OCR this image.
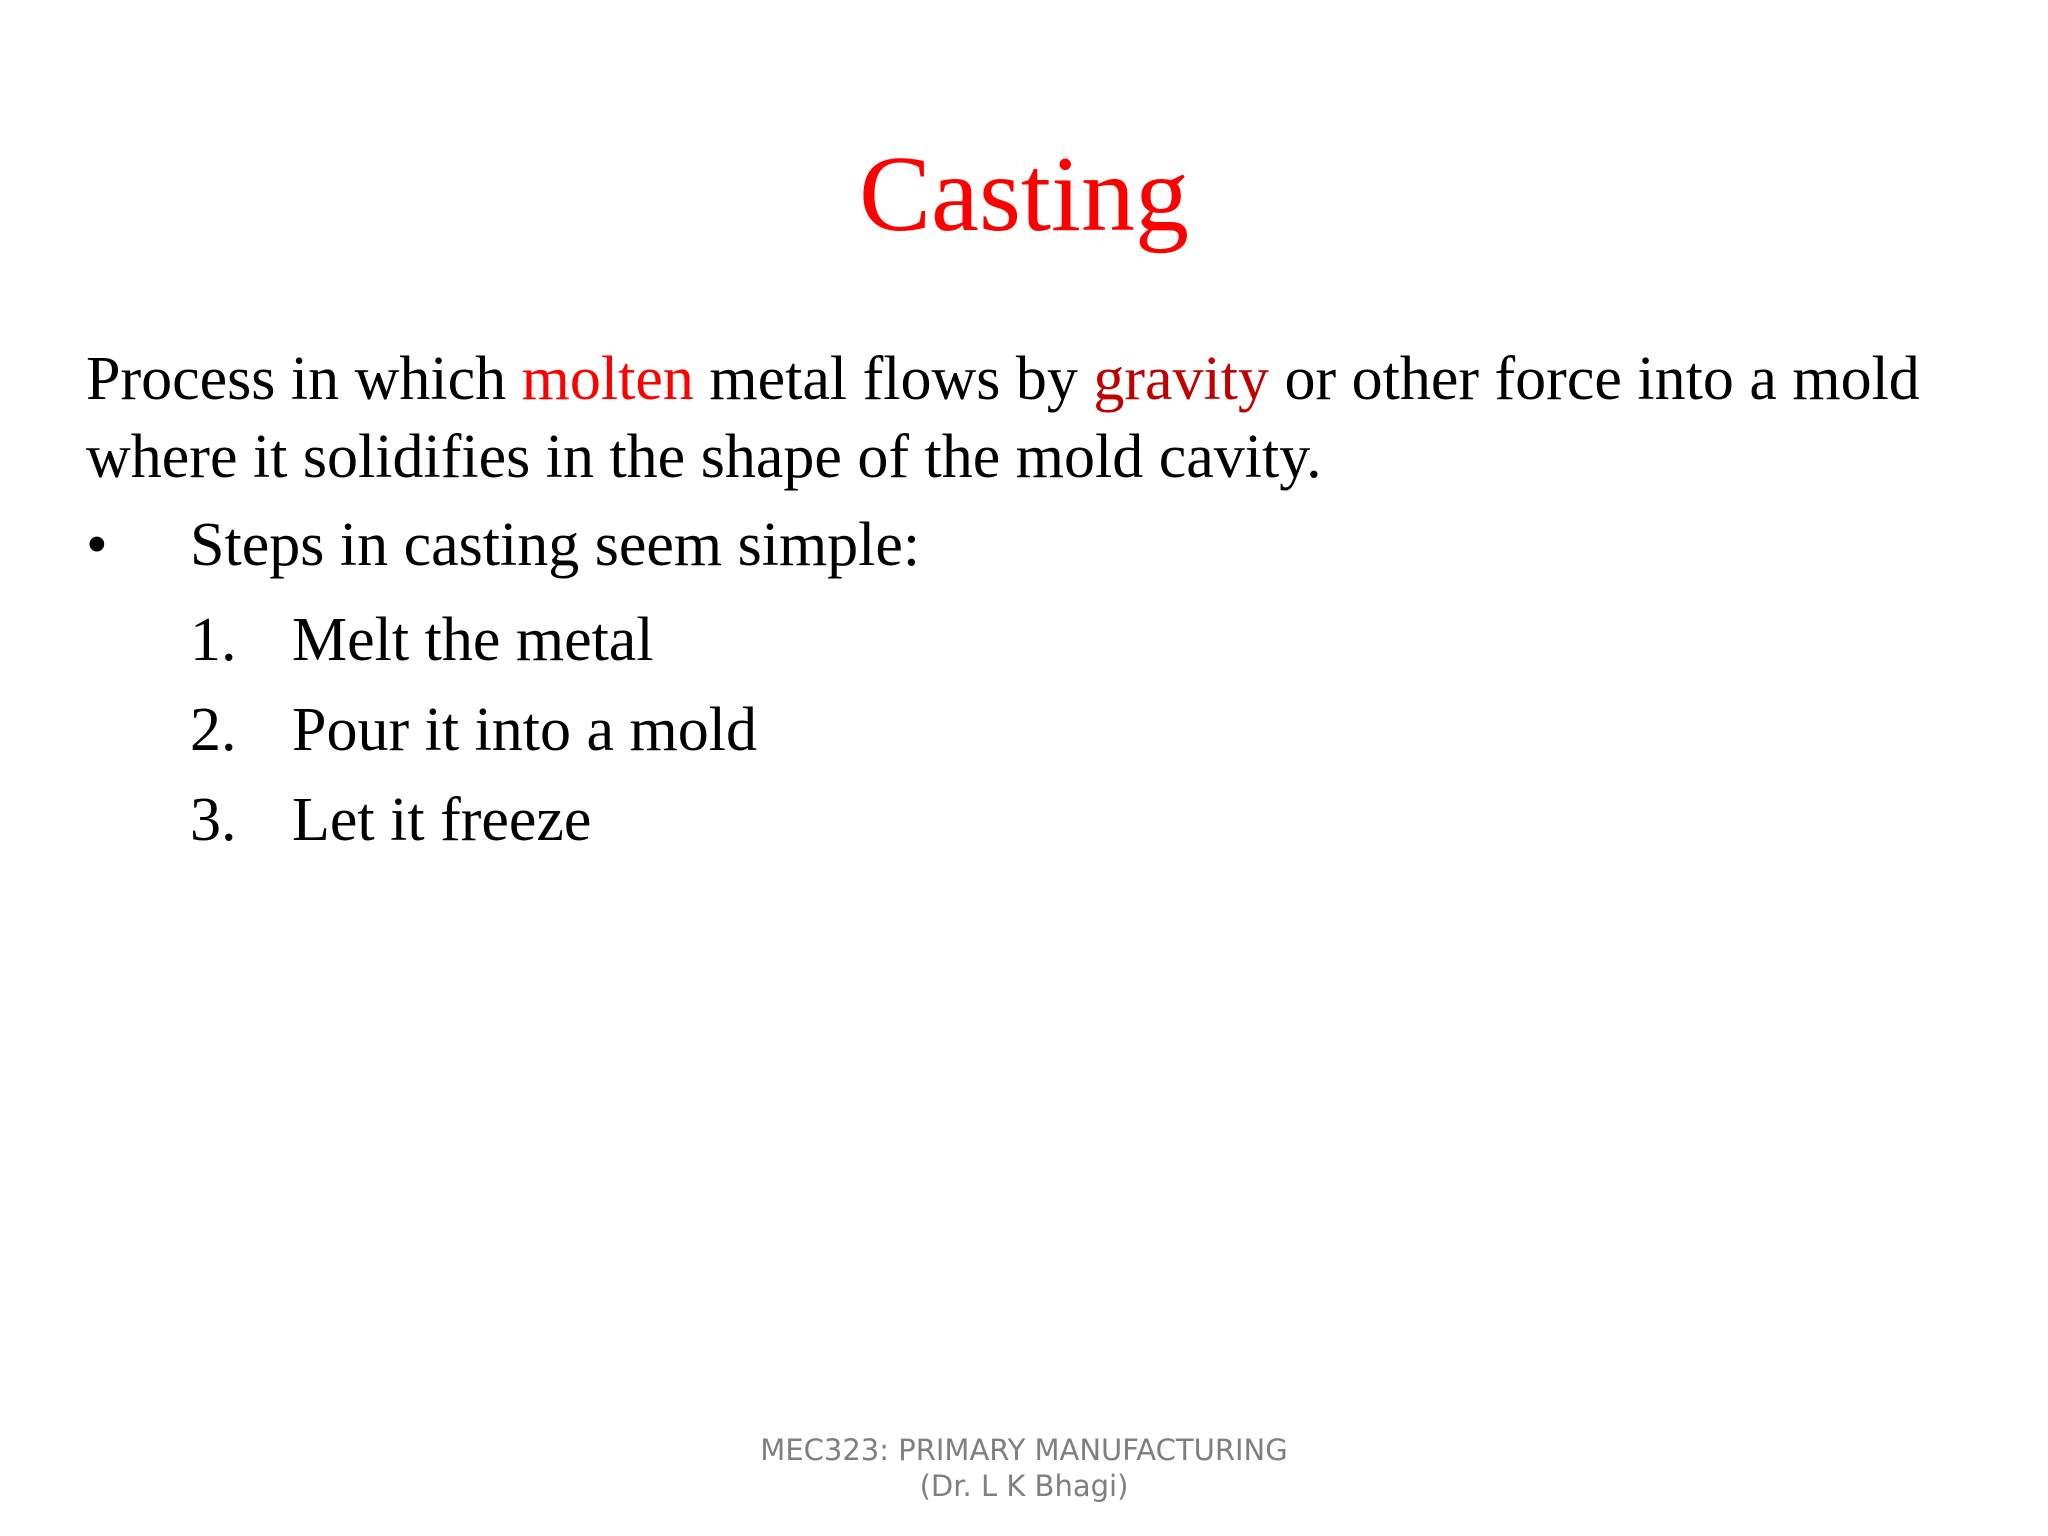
Casting
Process in which molten metal flows by gravity or other force into a mold
where it solidifies in the shape of the mold cavity.
• Steps in casting seem simple:
1. Melt the metal
2. Pour it into a mold
3. Let it freeze
MEC323: PRIMARY MANUFACTURING
(Dr. L K Bhagi)
